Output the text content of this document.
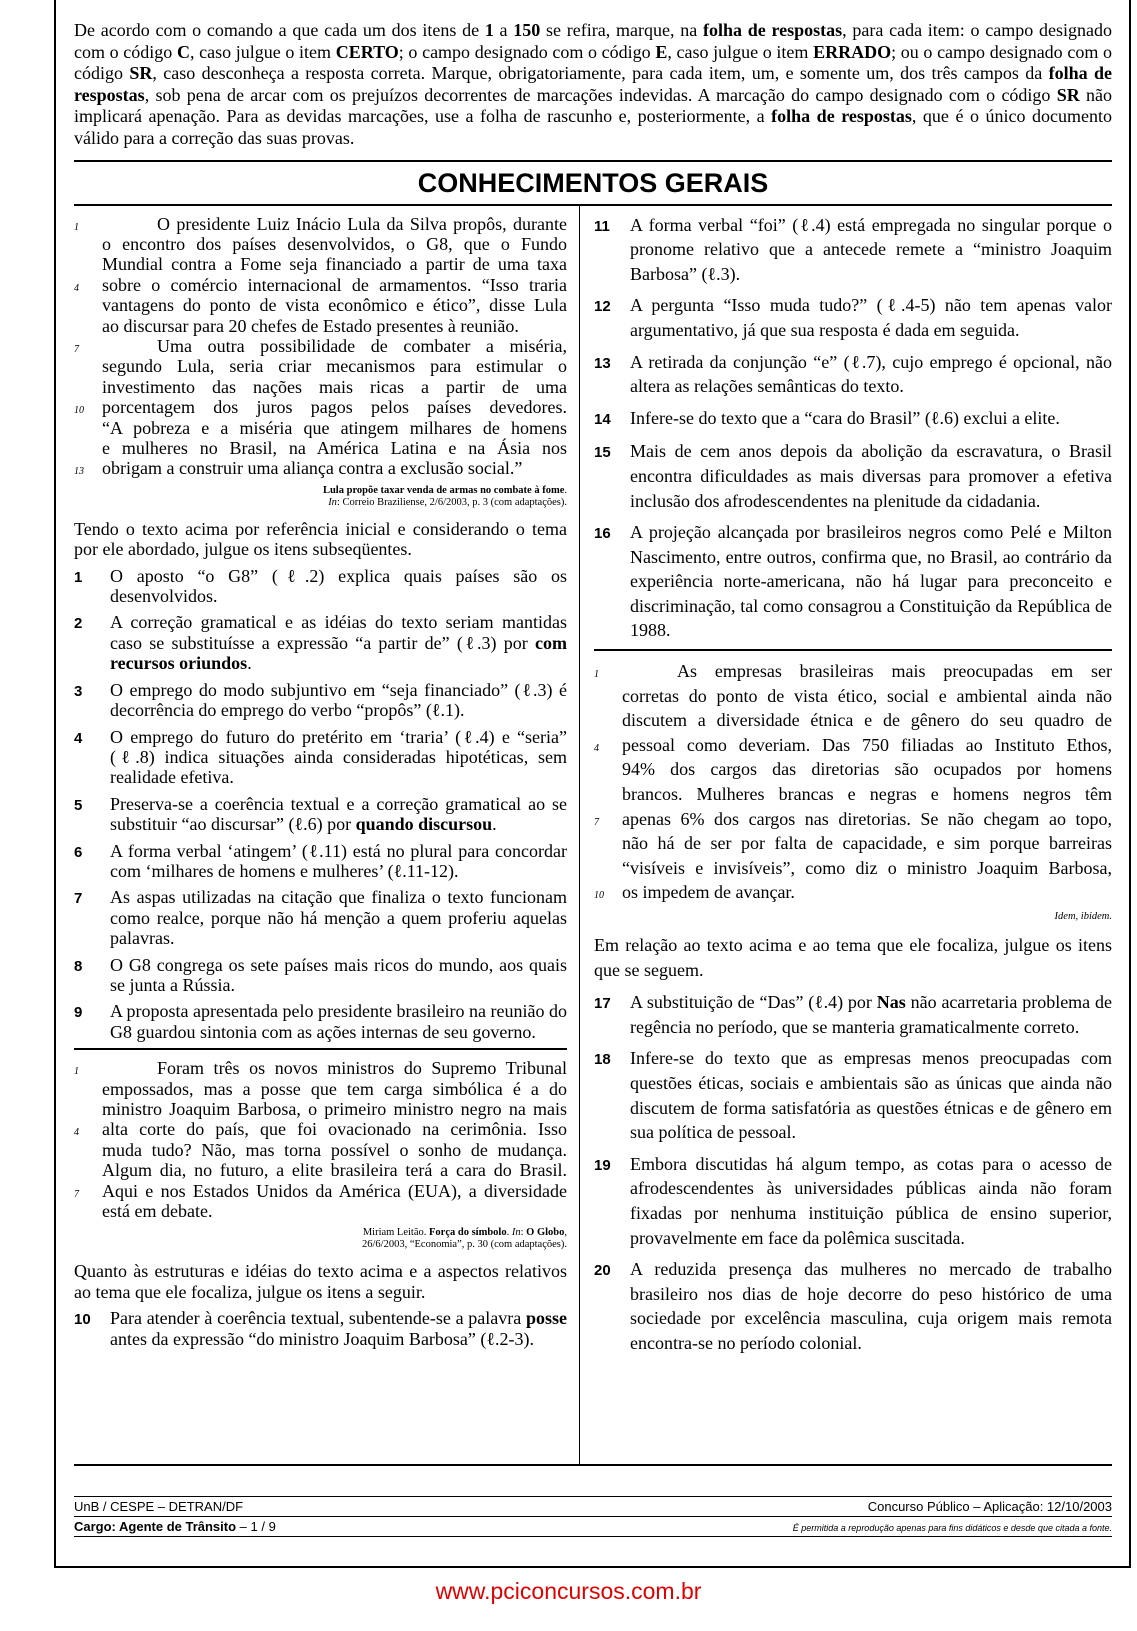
De acordo com o comando a que cada um dos itens de 1 a 150 se refira, marque, na folha de respostas, para cada item: o campo designado com o código C, caso julgue o item CERTO; o campo designado com o código E, caso julgue o item ERRADO; ou o campo designado com o código SR, caso desconheça a resposta correta. Marque, obrigatoriamente, para cada item, um, e somente um, dos três campos da folha de respostas, sob pena de arcar com os prejuízos decorrentes de marcações indevidas. A marcação do campo designado com o código SR não implicará apenação. Para as devidas marcações, use a folha de rascunho e, posteriormente, a folha de respostas, que é o único documento válido para a correção das suas provas.

CONHECIMENTOS GERAIS
1	O presidente Luiz Inácio Lula da Silva propôs, durante
o encontro dos países desenvolvidos, o G8, que o Fundo
Mundial contra a Fome seja financiado a partir de uma taxa
4 sobre o comércio internacional de armamentos. “Isso traria
vantagens do ponto de vista econômico e ético”, disse Lula
ao discursar para 20 chefes de Estado presentes à reunião.
7	Uma outra possibilidade de combater a miséria,
segundo Lula, seria criar mecanismos para estimular o
investimento das nações mais ricas a partir de uma
10 porcentagem dos juros pagos pelos países devedores.
“A pobreza e a miséria que atingem milhares de homens
e mulheres no Brasil, na América Latina e na Ásia nos
13 obrigam a construir uma aliança contra a exclusão social.”
Lula propõe taxar venda de armas no combate à fome.
In: Correio Braziliense, 2/6/2003, p. 3 (com adaptações).

Tendo o texto acima por referência inicial e considerando o tema por ele abordado, julgue os itens subseqüentes.

1	O aposto “o G8” (ℓ.2) explica quais países são os desenvolvidos.
2	A correção gramatical e as idéias do texto seriam mantidas caso se substituísse a expressão “a partir de” (ℓ.3) por com recursos oriundos.
3	O emprego do modo subjuntivo em “seja financiado” (ℓ.3) é decorrência do emprego do verbo “propôs” (ℓ.1).
4	O emprego do futuro do pretérito em ‘traria’ (ℓ.4) e “seria” (ℓ.8) indica situações ainda consideradas hipotéticas, sem realidade efetiva.
5	Preserva-se a coerência textual e a correção gramatical ao se substituir “ao discursar” (ℓ.6) por quando discursou.
6	A forma verbal ‘atingem’ (ℓ.11) está no plural para concordar com ‘milhares de homens e mulheres’ (ℓ.11-12).
7	As aspas utilizadas na citação que finaliza o texto funcionam como realce, porque não há menção a quem proferiu aquelas palavras.
8	O G8 congrega os sete países mais ricos do mundo, aos quais se junta a Rússia.
9	A proposta apresentada pelo presidente brasileiro na reunião do G8 guardou sintonia com as ações internas de seu governo.
1	Foram três os novos ministros do Supremo Tribunal
empossados, mas a posse que tem carga simbólica é a do
ministro Joaquim Barbosa, o primeiro ministro negro na mais
4 alta corte do país, que foi ovacionado na cerimônia. Isso
muda tudo? Não, mas torna possível o sonho de mudança.
Algum dia, no futuro, a elite brasileira terá a cara do Brasil.
7 Aqui e nos Estados Unidos da América (EUA), a diversidade
está em debate.
Miriam Leitão. Força do símbolo. In: O Globo,
26/6/2003, “Economia”, p. 30 (com adaptações).

Quanto às estruturas e idéias do texto acima e a aspectos relativos ao tema que ele focaliza, julgue os itens a seguir.

10	Para atender à coerência textual, subentende-se a palavra posse antes da expressão “do ministro Joaquim Barbosa” (ℓ.2-3).
11	A forma verbal “foi” (ℓ.4) está empregada no singular porque o pronome relativo que a antecede remete a “ministro Joaquim Barbosa” (ℓ.3).
12	A pergunta “Isso muda tudo?” (ℓ.4-5) não tem apenas valor argumentativo, já que sua resposta é dada em seguida.
13	A retirada da conjunção “e” (ℓ.7), cujo emprego é opcional, não altera as relações semânticas do texto.
14	Infere-se do texto que a “cara do Brasil” (ℓ.6) exclui a elite.
15	Mais de cem anos depois da abolição da escravatura, o Brasil encontra dificuldades as mais diversas para promover a efetiva inclusão dos afrodescendentes na plenitude da cidadania.
16	A projeção alcançada por brasileiros negros como Pelé e Milton Nascimento, entre outros, confirma que, no Brasil, ao contrário da experiência norte-americana, não há lugar para preconceito e discriminação, tal como consagrou a Constituição da República de 1988.
1	As empresas brasileiras mais preocupadas em ser
corretas do ponto de vista ético, social e ambiental ainda não
discutem a diversidade étnica e de gênero do seu quadro de
4 pessoal como deveriam. Das 750 filiadas ao Instituto Ethos,
94% dos cargos das diretorias são ocupados por homens
brancos. Mulheres brancas e negras e homens negros têm
7 apenas 6% dos cargos nas diretorias. Se não chegam ao topo,
não há de ser por falta de capacidade, e sim porque barreiras
“visíveis e invisíveis”, como diz o ministro Joaquim Barbosa,
10 os impedem de avançar.
Idem, ibidem.

Em relação ao texto acima e ao tema que ele focaliza, julgue os itens que se seguem.

17	A substituição de “Das” (ℓ.4) por Nas não acarretaria problema de regência no período, que se manteria gramaticalmente correto.
18	Infere-se do texto que as empresas menos preocupadas com questões éticas, sociais e ambientais são as únicas que ainda não discutem de forma satisfatória as questões étnicas e de gênero em sua política de pessoal.
19	Embora discutidas há algum tempo, as cotas para o acesso de afrodescendentes às universidades públicas ainda não foram fixadas por nenhuma instituição pública de ensino superior, provavelmente em face da polêmica suscitada.
20	A reduzida presença das mulheres no mercado de trabalho brasileiro nos dias de hoje decorre do peso histórico de uma sociedade por excelência masculina, cuja origem mais remota encontra-se no período colonial.
UnB / CESPE – DETRAN/DF	Concurso Público – Aplicação: 12/10/2003
Cargo: Agente de Trânsito – 1 / 9	É permitida a reprodução apenas para fins didáticos e desde que citada a fonte.
www.pciconcursos.com.br
